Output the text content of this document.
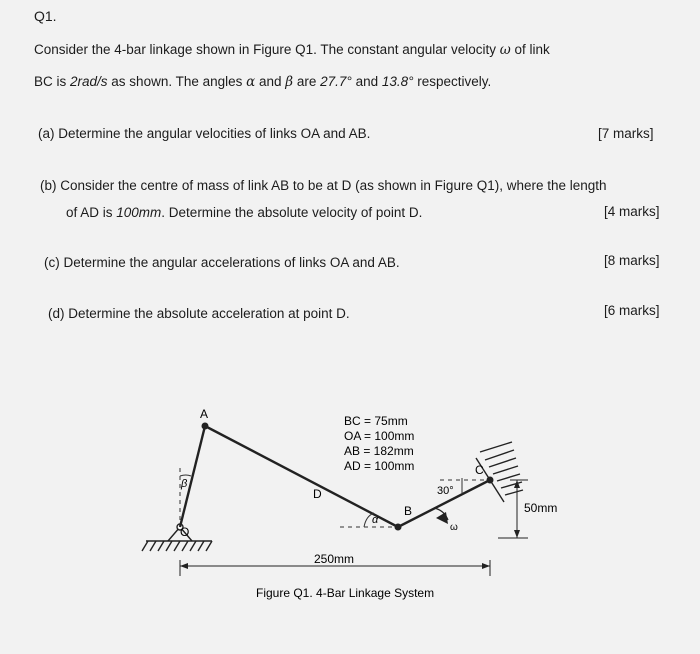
Q1.
Consider the 4-bar linkage shown in Figure Q1. The constant angular velocity ω of link
BC is 2rad/s as shown. The angles α and β are 27.7° and 13.8° respectively.
(a) Determine the angular velocities of links OA and AB.	[7 marks]
(b) Consider the centre of mass of link AB to be at D (as shown in Figure Q1), where the length
of AD is 100mm. Determine the absolute velocity of point D.	[4 marks]
(c) Determine the angular accelerations of links OA and AB.	[8 marks]
(d) Determine the absolute acceleration at point D.	[6 marks]
A
D
B
C
O
β
α
ω
30°
BC = 75mm
OA = 100mm
AB = 182mm
AD = 100mm
250mm
50mm
Figure Q1. 4-Bar Linkage System
